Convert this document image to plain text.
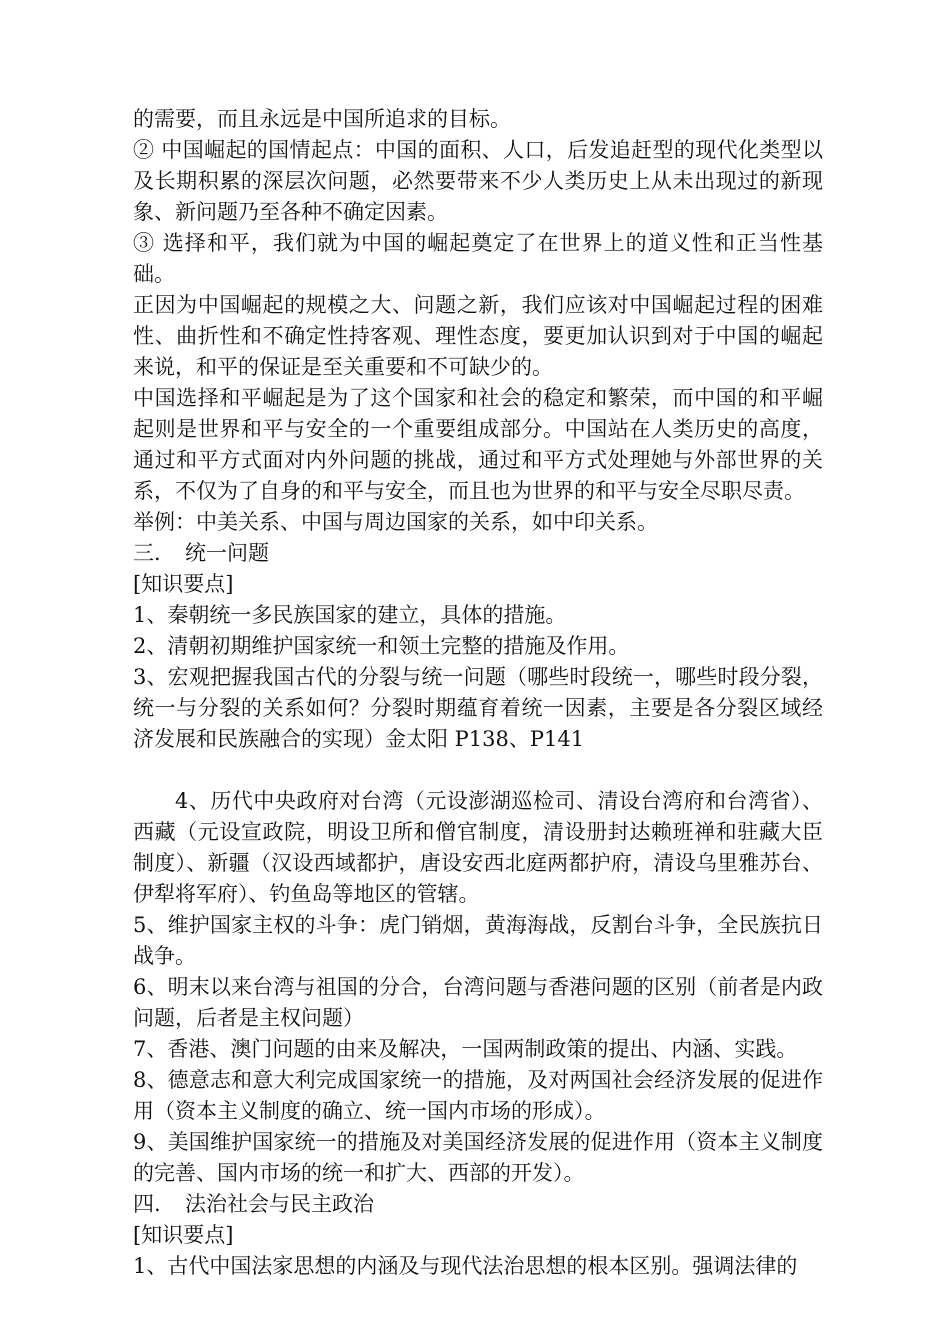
的需要，而且永远是中国所追求的目标。

② 中国崛起的国情起点：中国的面积、人口，后发追赶型的现代化类型以及长期积累的深层次问题，必然要带来不少人类历史上从未出现过的新现象、新问题乃至各种不确定因素。

③ 选择和平，我们就为中国的崛起奠定了在世界上的道义性和正当性基础。

正因为中国崛起的规模之大、问题之新，我们应该对中国崛起过程的困难性、曲折性和不确定性持客观、理性态度，要更加认识到对于中国的崛起来说，和平的保证是至关重要和不可缺少的。

中国选择和平崛起是为了这个国家和社会的稳定和繁荣，而中国的和平崛起则是世界和平与安全的一个重要组成部分。中国站在人类历史的高度，通过和平方式面对内外问题的挑战，通过和平方式处理她与外部世界的关系，不仅为了自身的和平与安全，而且也为世界的和平与安全尽职尽责。

举例：中美关系、中国与周边国家的关系，如中印关系。

三. 统一问题

[知识要点]

1、秦朝统一多民族国家的建立，具体的措施。

2、清朝初期维护国家统一和领土完整的措施及作用。

3、宏观把握我国古代的分裂与统一问题（哪些时段统一，哪些时段分裂，统一与分裂的关系如何？分裂时期蕴育着统一因素，主要是各分裂区域经济发展和民族融合的实现）金太阳 P138、P141

4、历代中央政府对台湾（元设澎湖巡检司、清设台湾府和台湾省）、西藏（元设宣政院，明设卫所和僧官制度，清设册封达赖班禅和驻藏大臣制度）、新疆（汉设西域都护，唐设安西北庭两都护府，清设乌里雅苏台、伊犁将军府）、钓鱼岛等地区的管辖。

5、维护国家主权的斗争：虎门销烟，黄海海战，反割台斗争，全民族抗日战争。

6、明末以来台湾与祖国的分合，台湾问题与香港问题的区别（前者是内政问题，后者是主权问题）

7、香港、澳门问题的由来及解决，一国两制政策的提出、内涵、实践。

8、德意志和意大利完成国家统一的措施，及对两国社会经济发展的促进作用（资本主义制度的确立、统一国内市场的形成）。

9、美国维护国家统一的措施及对美国经济发展的促进作用（资本主义制度的完善、国内市场的统一和扩大、西部的开发）。

四. 法治社会与民主政治

[知识要点]

1、古代中国法家思想的内涵及与现代法治思想的根本区别。强调法律的
